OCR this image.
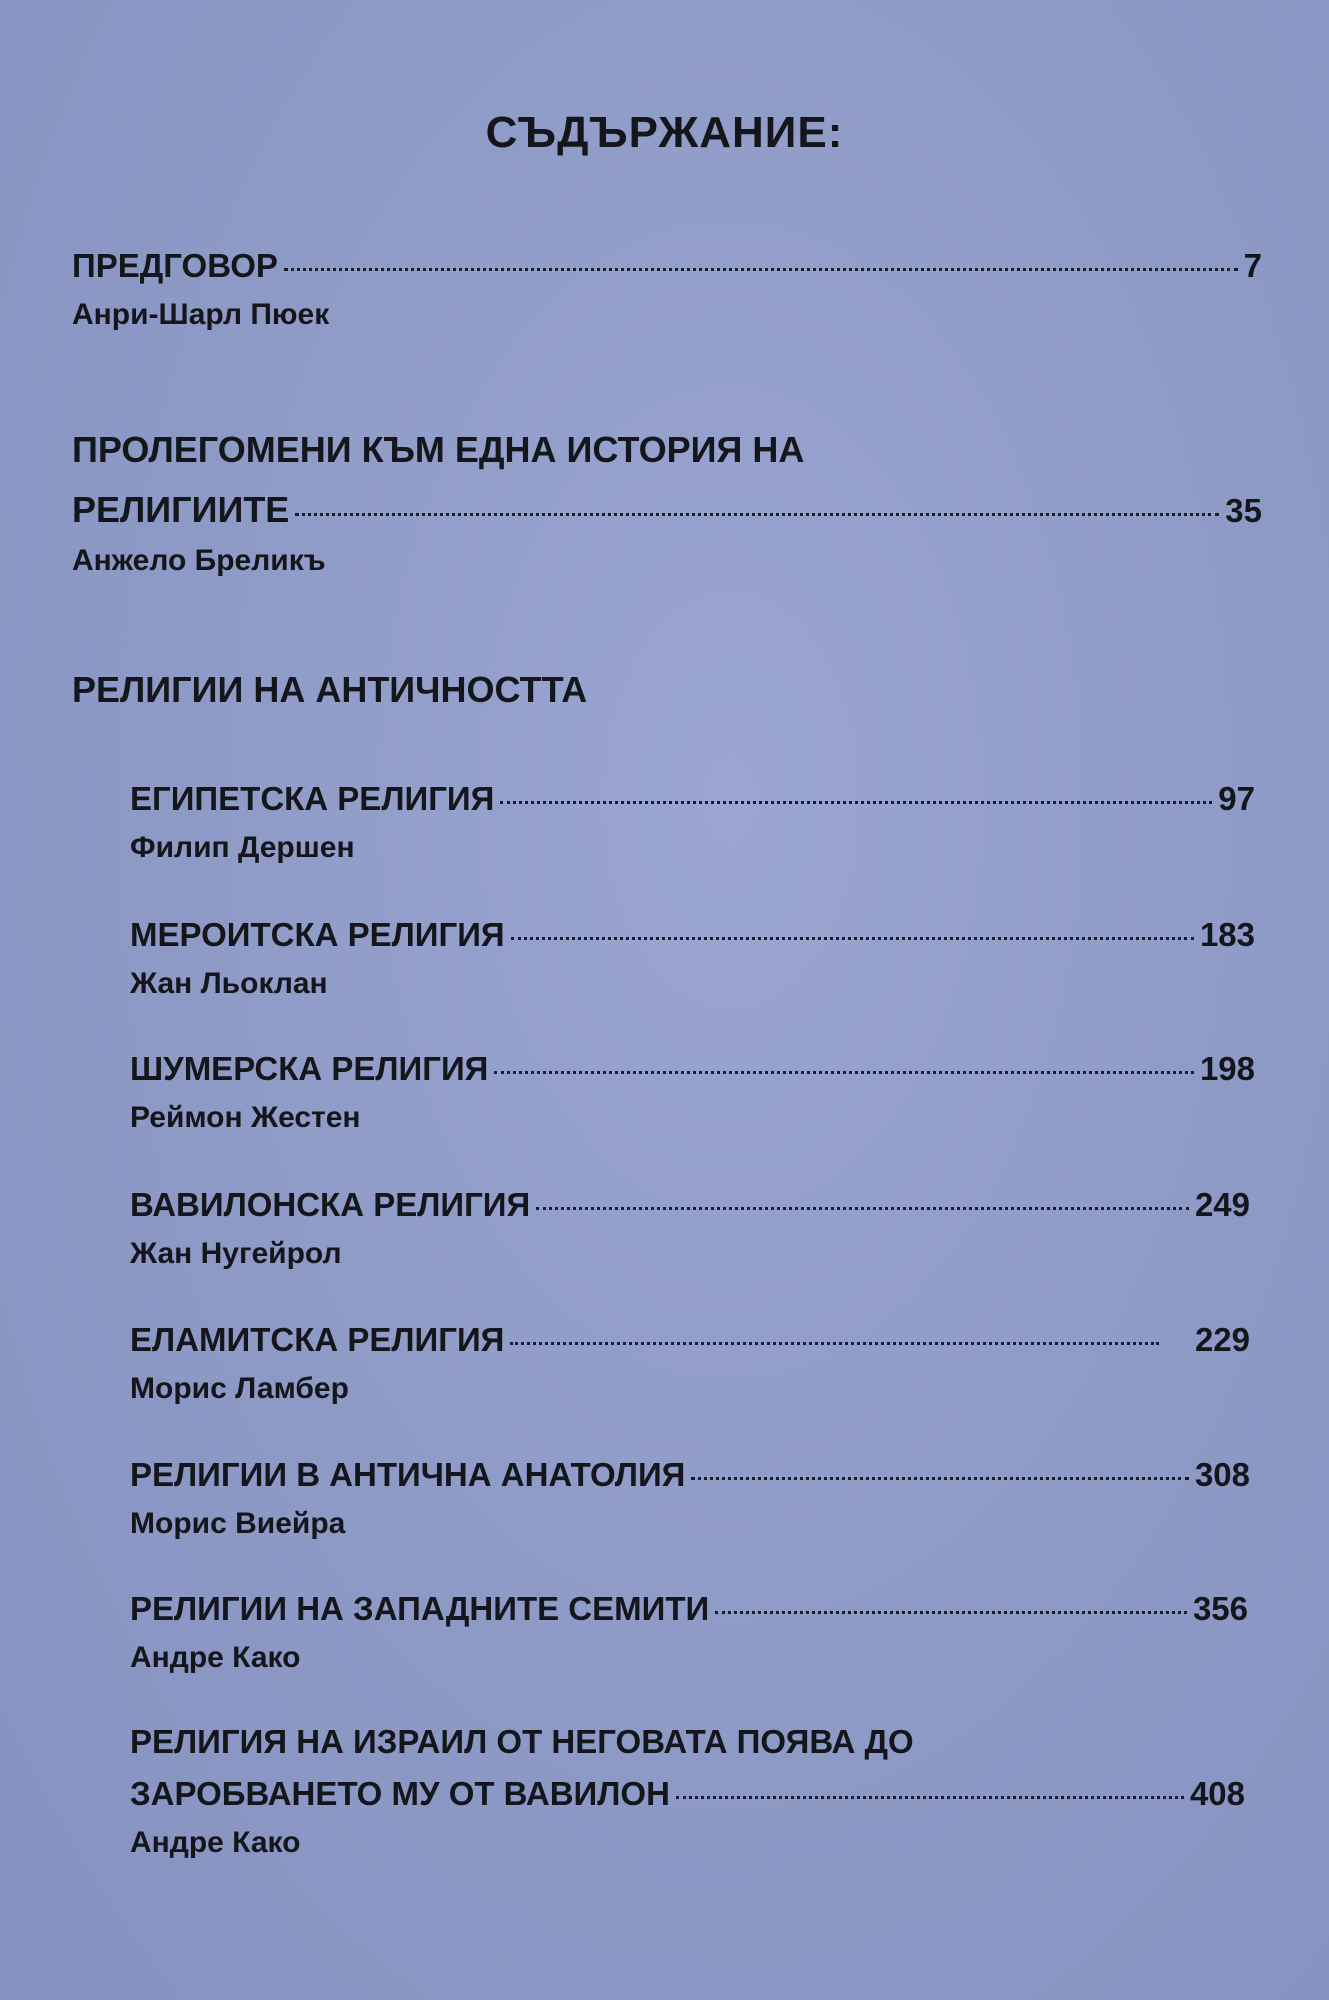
СЪДЪРЖАНИЕ:
ПРЕДГОВОР	7
Анри-Шарл Пюек
ПРОЛЕГОМЕНИ КЪМ ЕДНА ИСТОРИЯ НА
РЕЛИГИИТЕ	35
Анжело Бреликъ
РЕЛИГИИ НА АНТИЧНОСТТА
ЕГИПЕТСКА РЕЛИГИЯ	97
Филип Дершен
МЕРОИТСКА РЕЛИГИЯ	183
Жан Льоклан
ШУМЕРСКА РЕЛИГИЯ	198
Реймон Жестен
ВАВИЛОНСКА РЕЛИГИЯ	249
Жан Нугейрол
ЕЛАМИТСКА РЕЛИГИЯ	229
Морис Ламбер
РЕЛИГИИ В АНТИЧНА АНАТОЛИЯ	308
Морис Виейра
РЕЛИГИИ НА ЗАПАДНИТЕ СЕМИТИ	356
Андре Како
РЕЛИГИЯ НА ИЗРАИЛ ОТ НЕГОВАТА ПОЯВА ДО
ЗАРОБВАНЕТО МУ ОТ ВАВИЛОН	408
Андре Како
